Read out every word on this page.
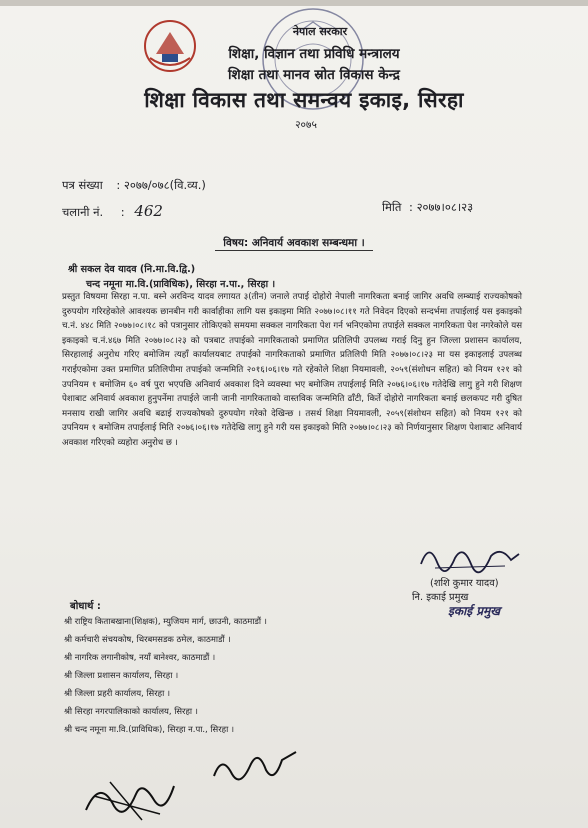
नेपाल सरकार
शिक्षा, विज्ञान तथा प्रविधि मन्त्रालय
शिक्षा तथा मानव स्रोत विकास केन्द्र
शिक्षा विकास तथा समन्वय इकाइ, सिरहा
२०७५
पत्र संख्या : २०७७/०७८(वि.व्य.)
चलानी नं. : 462	मिति : २०७७।०८।२३
विषय: अनिवार्य अवकाश सम्बन्धमा ।
श्री सकल देव यादव (नि.मा.वि.द्वि.)
चन्द नमूना मा.वि.(प्राविधिक), सिरहा न.पा., सिरहा ।
प्रस्तुत विषयमा सिरहा न.पा. बस्ने अरविन्द यादव लगायत ३(तीन) जनाले तपाई दोहोरो नेपाली नागरिकता बनाई जागिर अवधि लम्ब्याई राज्यकोषको दुरुपयोग गरिरहेकोले आवश्यक छानबीन गरी कार्वाहीका लागि यस इकाइमा मिति २०७७।०८।११ गते निवेदन दिएको सन्दर्भमा तपाईलाई यस इकाइको च.नं. ४४८ मिति २०७७।०८।१८ को पत्रानुसार तोकिएको समयमा सक्कल नागरिकता पेश गर्न भनिएकोमा तपाईले सक्कल नागरिकता पेश नगरेकोले यस इकाइको च.नं.४६७ मिति २०७७।०८।२३ को पत्रबाट तपाईको नागरिकताको प्रमाणित प्रतिलिपी उपलब्ध गराई दिनु हुन जिल्ला प्रशासन कार्यालय, सिरहालाई अनुरोध गरिए बमोजिम त्यहाँ कार्यालयबाट तपाईको नागरिकताको प्रमाणित प्रतिलिपी मिति २०७७।०८।२३ मा यस इकाइलाई उपलब्ध गराईएकोमा उक्त प्रमाणित प्रतिलिपीमा तपाईको जन्ममिति २०१६।०६।१७ गते रहेकोले शिक्षा नियमावली, २०५९(संशोधन सहित) को नियम १२१ को उपनियम १ बमोजिम ६० वर्ष पुरा भएपछि अनिवार्य अवकाश दिने व्यवस्था भए बमोजिम तपाईलाई मिति २०७६।०६।१७ गतेदेखि लागु हुने गरी शिक्षण पेशाबाट अनिवार्य अवकाश हुनुपर्नेमा तपाईले जानी जानी नागरिकताको वास्तविक जन्ममिति ढाँटी, किर्ते दोहोरो नागरिकता बनाई छलकपट गरी दुषित मनसाय राखी जागिर अवधि बढाई राज्यकोषको दुरुपयोग गरेको देखिन्छ । तसर्थ शिक्षा नियमावली, २०५९(संशोधन सहित) को नियम १२१ को उपनियम १ बमोजिम तपाईलाई मिति २०७६।०६।१७ गतेदेखि लागु हुने गरी यस इकाइको मिति २०७७।०८।२३ को निर्णयानुसार शिक्षण पेशाबाट अनिवार्य अवकाश गरिएको व्यहोरा अनुरोध छ ।
(शशि कुमार यादव)
नि. इकाई प्रमुख
इकाई प्रमुख
बोधार्थ :
श्री राष्ट्रिय किताबखाना(शिक्षक), म्युजियम मार्ग, छाउनी, काठमाडौं ।
श्री कर्मचारी संचयकोष, थिरबमसडक ठमेल, काठमाडौं ।
श्री नागरिक लगानीकोष, नयाँ बानेश्वर, काठमाडौं ।
श्री जिल्ला प्रशासन कार्यालय, सिरहा ।
श्री जिल्ला प्रहरी कार्यालय, सिरहा ।
श्री सिरहा नगरपालिकाको कार्यालय, सिरहा ।
श्री चन्द नमूना मा.वि.(प्राविधिक), सिरहा न.पा., सिरहा ।
